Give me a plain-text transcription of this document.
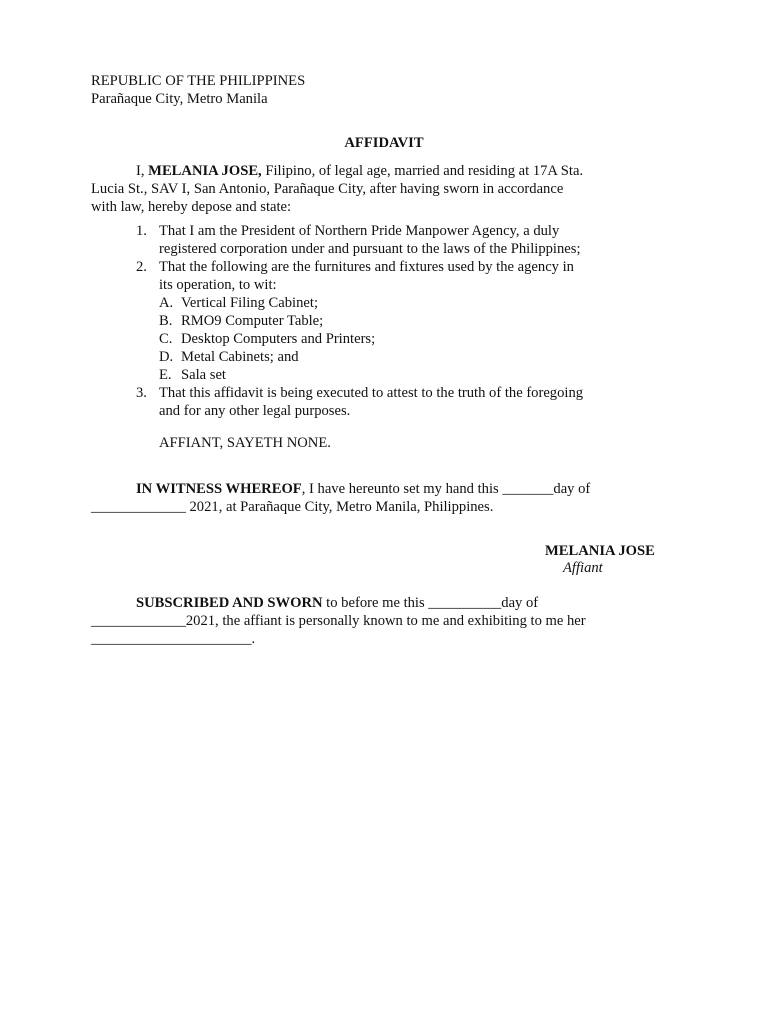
REPUBLIC OF THE PHILIPPINES
Parañaque City, Metro Manila
AFFIDAVIT
I, MELANIA JOSE, Filipino, of legal age, married and residing at 17A Sta.
Lucia St., SAV I, San Antonio, Parañaque City, after having sworn in accordance
with law, hereby depose and state:
1. That I am the President of Northern Pride Manpower Agency, a duly
registered corporation under and pursuant to the laws of the Philippines;
2. That the following are the furnitures and fixtures used by the agency in
its operation, to wit:
A. Vertical Filing Cabinet;
B. RMO9 Computer Table;
C. Desktop Computers and Printers;
D. Metal Cabinets; and
E. Sala set
3. That this affidavit is being executed to attest to the truth of the foregoing
and for any other legal purposes.
AFFIANT, SAYETH NONE.
IN WITNESS WHEREOF, I have hereunto set my hand this _______day of
_____________ 2021, at Parañaque City, Metro Manila, Philippines.
MELANIA JOSE
Affiant
SUBSCRIBED AND SWORN to before me this __________day of
_____________2021, the affiant is personally known to me and exhibiting to me her
______________________.
